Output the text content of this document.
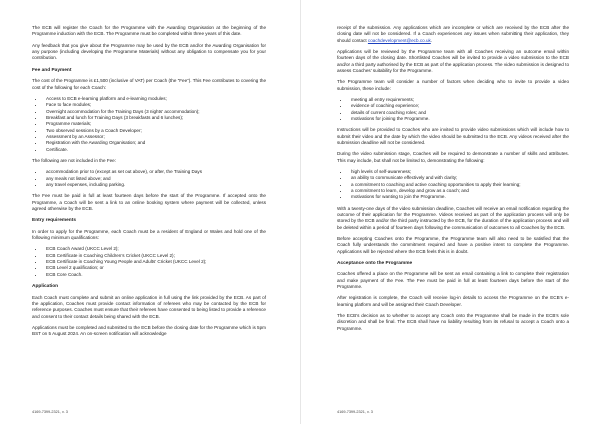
The ECB will register the Coach for the Programme with the Awarding Organisation at the beginning of the Programme induction with the ECB. The Programme must be completed within three years of this date.

Any feedback that you give about the Programme may be used by the ECB and/or the Awarding Organisation for any purpose (including developing the Programme Materials) without any obligation to compensate you for your contribution.

Fee and Payment

The cost of the Programme is £1,500 (inclusive of VAT) per Coach (the “Fee”). This Fee contributes to covering the cost of the following for each Coach:

• Access to ECB e-learning platform and e-learning modules;
• Face to face modules;
• Overnight accommodation for the Training Days (3 nights' accommodation);
• Breakfast and lunch for Training Days (3 breakfasts and 6 lunches);
• Programme materials;
• Two observed sessions by a Coach Developer;
• Assessment by an Assessor;
• Registration with the Awarding Organisation; and
• Certificate.

The following are not included in the Fee:

• accommodation prior to (except as set out above), or after, the Training Days
• any meals not listed above; and
• any travel expenses, including parking.

The Fee must be paid in full at least fourteen days before the start of the Programme. If accepted onto the Programme, a Coach will be sent a link to an online booking system where payment will be collected, unless agreed otherwise by the ECB.

Entry requirements

In order to apply for the Programme, each Coach must be a resident of England or Wales and hold one of the following minimum qualifications:

• ECB Coach Award (UKCC Level 2);
• ECB Certificate in Coaching Children’s Cricket (UKCC Level 2);
• ECB Certificate in Coaching Young People and Adults’ Cricket (UKCC Level 2);
• ECB Level 2 qualification; or
• ECB Core Coach.
Application

Each Coach must complete and submit an online application in full using the link provided by the ECB. As part of the application, Coaches must provide contact information of referees who may be contacted by the ECB for reference purposes. Coaches must ensure that their referees have consented to being listed to provide a reference and consent to their contact details being shared with the ECB.

Applications must be completed and submitted to the ECB before the closing date for the Programme which is 5pm BST on 5 August 2024. An on-screen notification will acknowledge

4169-7399-2321, v. 3

receipt of the submission. Any applications which are incomplete or which are received by the ECB after the closing date will not be considered. If a Coach experiences any issues when submitting their application, they should contact coachdevelopment@ecb.co.uk.

Applications will be reviewed by the Programme team with all Coaches receiving an outcome email within fourteen days of the closing date. Shortlisted Coaches will be invited to provide a video submission to the ECB and/or a third party authorised by the ECB as part of the application process. The video submission is designed to assess Coaches' suitability for the Programme.

The Programme team will consider a number of factors when deciding who to invite to provide a video submission, these include:

• meeting all entry requirements;
• evidence of coaching experience;
• details of current coaching roles; and
• motivations for joining the Programme.

Instructions will be provided to Coaches who are invited to provide video submissions which will include how to submit their video and the date by which the video should be submitted to the ECB. Any videos received after the submission deadline will not be considered.

During the video submission stage, Coaches will be required to demonstrate a number of skills and attributes. This may include, but shall not be limited to, demonstrating the following:

• high levels of self-awareness;
• an ability to communicate effectively and with clarity;
• a commitment to coaching and active coaching opportunities to apply their learning;
• a commitment to learn, develop and grow as a coach; and
• motivations for wanting to join the Programme.

With a twenty-one days of the video submission deadline, Coaches will receive an email notification regarding the outcome of their application for the Programme. Videos received as part of the application process will only be stored by the ECB and/or the third party instructed by the ECB, for the duration of the application process and will be deleted within a period of fourteen days following the communication of outcomes to all Coaches by the ECB.

Before accepting Coaches onto the Programme, the Programme team will also need to be satisfied that the Coach fully understands the commitment required and have a positive intent to complete the Programme. Applications will be rejected where the ECB feels this is in doubt.

Acceptance onto the Programme

Coaches offered a place on the Programme will be sent an email containing a link to complete their registration and make payment of the Fee. The Fee must be paid in full at least fourteen days before the start of the Programme.

After registration is complete, the Coach will receive log-in details to access the Programme on the ECB’s e-learning platform and will be assigned their Coach Developer.

The ECB’s decision as to whether to accept any Coach onto the Programme shall be made in the ECB’s sole discretion and shall be final. The ECB shall have no liability resulting from its refusal to accept a Coach onto a Programme.

4169-7399-2321, v. 3
